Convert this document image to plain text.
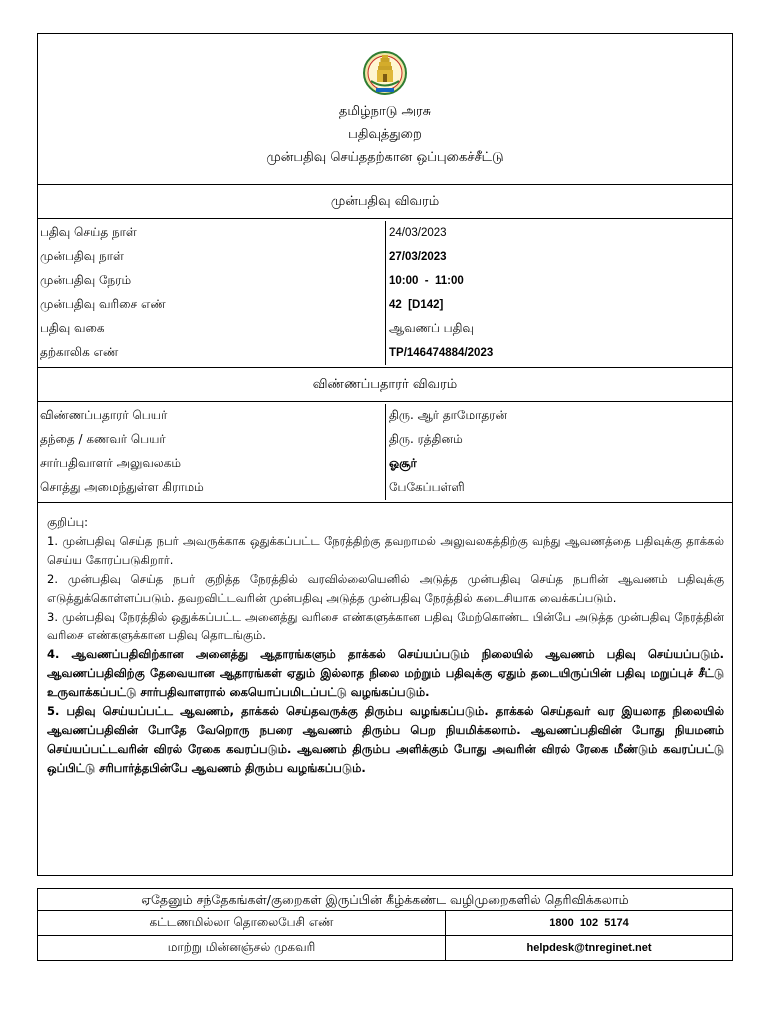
தமிழ்நாடு அரசு
பதிவுத்துறை
முன்பதிவு செய்ததற்கான ஒப்புகைச்சீட்டு
முன்பதிவு விவரம்
பதிவு செய்த நாள்	24/03/2023
முன்பதிவு நாள்	27/03/2023
முன்பதிவு நேரம்	10:00  -  11:00
முன்பதிவு வரிசை எண்	42  [D142]
பதிவு வகை	ஆவணப் பதிவு
தற்காலிக எண்	TP/146474884/2023
விண்ணப்பதாரர் விவரம்
விண்ணப்பதாரர் பெயர்	திரு. ஆர் தாமோதரன்
தந்தை / கணவர் பெயர்	திரு. ரத்தினம்
சார்பதிவாளர் அலுவலகம்	ஓசூர்
சொத்து அமைந்துள்ள கிராமம்	பேகேப்பள்ளி

குறிப்பு:

1. முன்பதிவு செய்த நபர் அவருக்காக ஒதுக்கப்பட்ட நேரத்திற்கு தவறாமல் அலுவலகத்திற்கு வந்து ஆவணத்தை பதிவுக்கு தாக்கல் செய்ய கோரப்படுகிறார்.

2. முன்பதிவு செய்த நபர் குறித்த நேரத்தில் வரவில்லையெனில் அடுத்த முன்பதிவு செய்த நபரின் ஆவணம் பதிவுக்கு எடுத்துக்கொள்ளப்படும். தவறவிட்டவரின் முன்பதிவு அடுத்த முன்பதிவு நேரத்தில் கடைசியாக வைக்கப்படும்.

3. முன்பதிவு நேரத்தில் ஒதுக்கப்பட்ட அனைத்து வரிசை எண்களுக்கான பதிவு மேற்கொண்ட பின்பே அடுத்த முன்பதிவு நேரத்தின் வரிசை எண்களுக்கான பதிவு தொடங்கும்.

4. ஆவணப்பதிவிற்கான அனைத்து ஆதாரங்களும் தாக்கல் செய்யப்படும் நிலையில் ஆவணம் பதிவு செய்யப்படும். ஆவணப்பதிவிற்கு தேவையான ஆதாரங்கள் ஏதும் இல்லாத நிலை மற்றும் பதிவுக்கு ஏதும் தடையிருப்பின் பதிவு மறுப்புச் சீட்டு உருவாக்கப்பட்டு சார்பதிவாளரால் கையொப்பமிடப்பட்டு வழங்கப்படும்.

5. பதிவு செய்யப்பட்ட ஆவணம், தாக்கல் செய்தவருக்கு திரும்ப வழங்கப்படும். தாக்கல் செய்தவர் வர இயலாத நிலையில் ஆவணப்பதிவின் போதே வேறொரு நபரை ஆவணம் திரும்ப பெற நியமிக்கலாம். ஆவணப்பதிவின் போது நியமனம் செய்யப்பட்டவரின் விரல் ரேகை கவரப்படும். ஆவணம் திரும்ப அளிக்கும் போது அவரின் விரல் ரேகை மீண்டும் கவரப்பட்டு ஒப்பிட்டு சரிபார்த்தபின்பே ஆவணம் திரும்ப வழங்கப்படும்.

ஏதேனும் சந்தேகங்கள்/குறைகள் இருப்பின் கீழ்க்கண்ட வழிமுறைகளில் தெரிவிக்கலாம்
கட்டணமில்லா தொலைபேசி எண்	1800  102  5174
மாற்று மின்னஞ்சல் முகவரி	helpdesk@tnreginet.net
